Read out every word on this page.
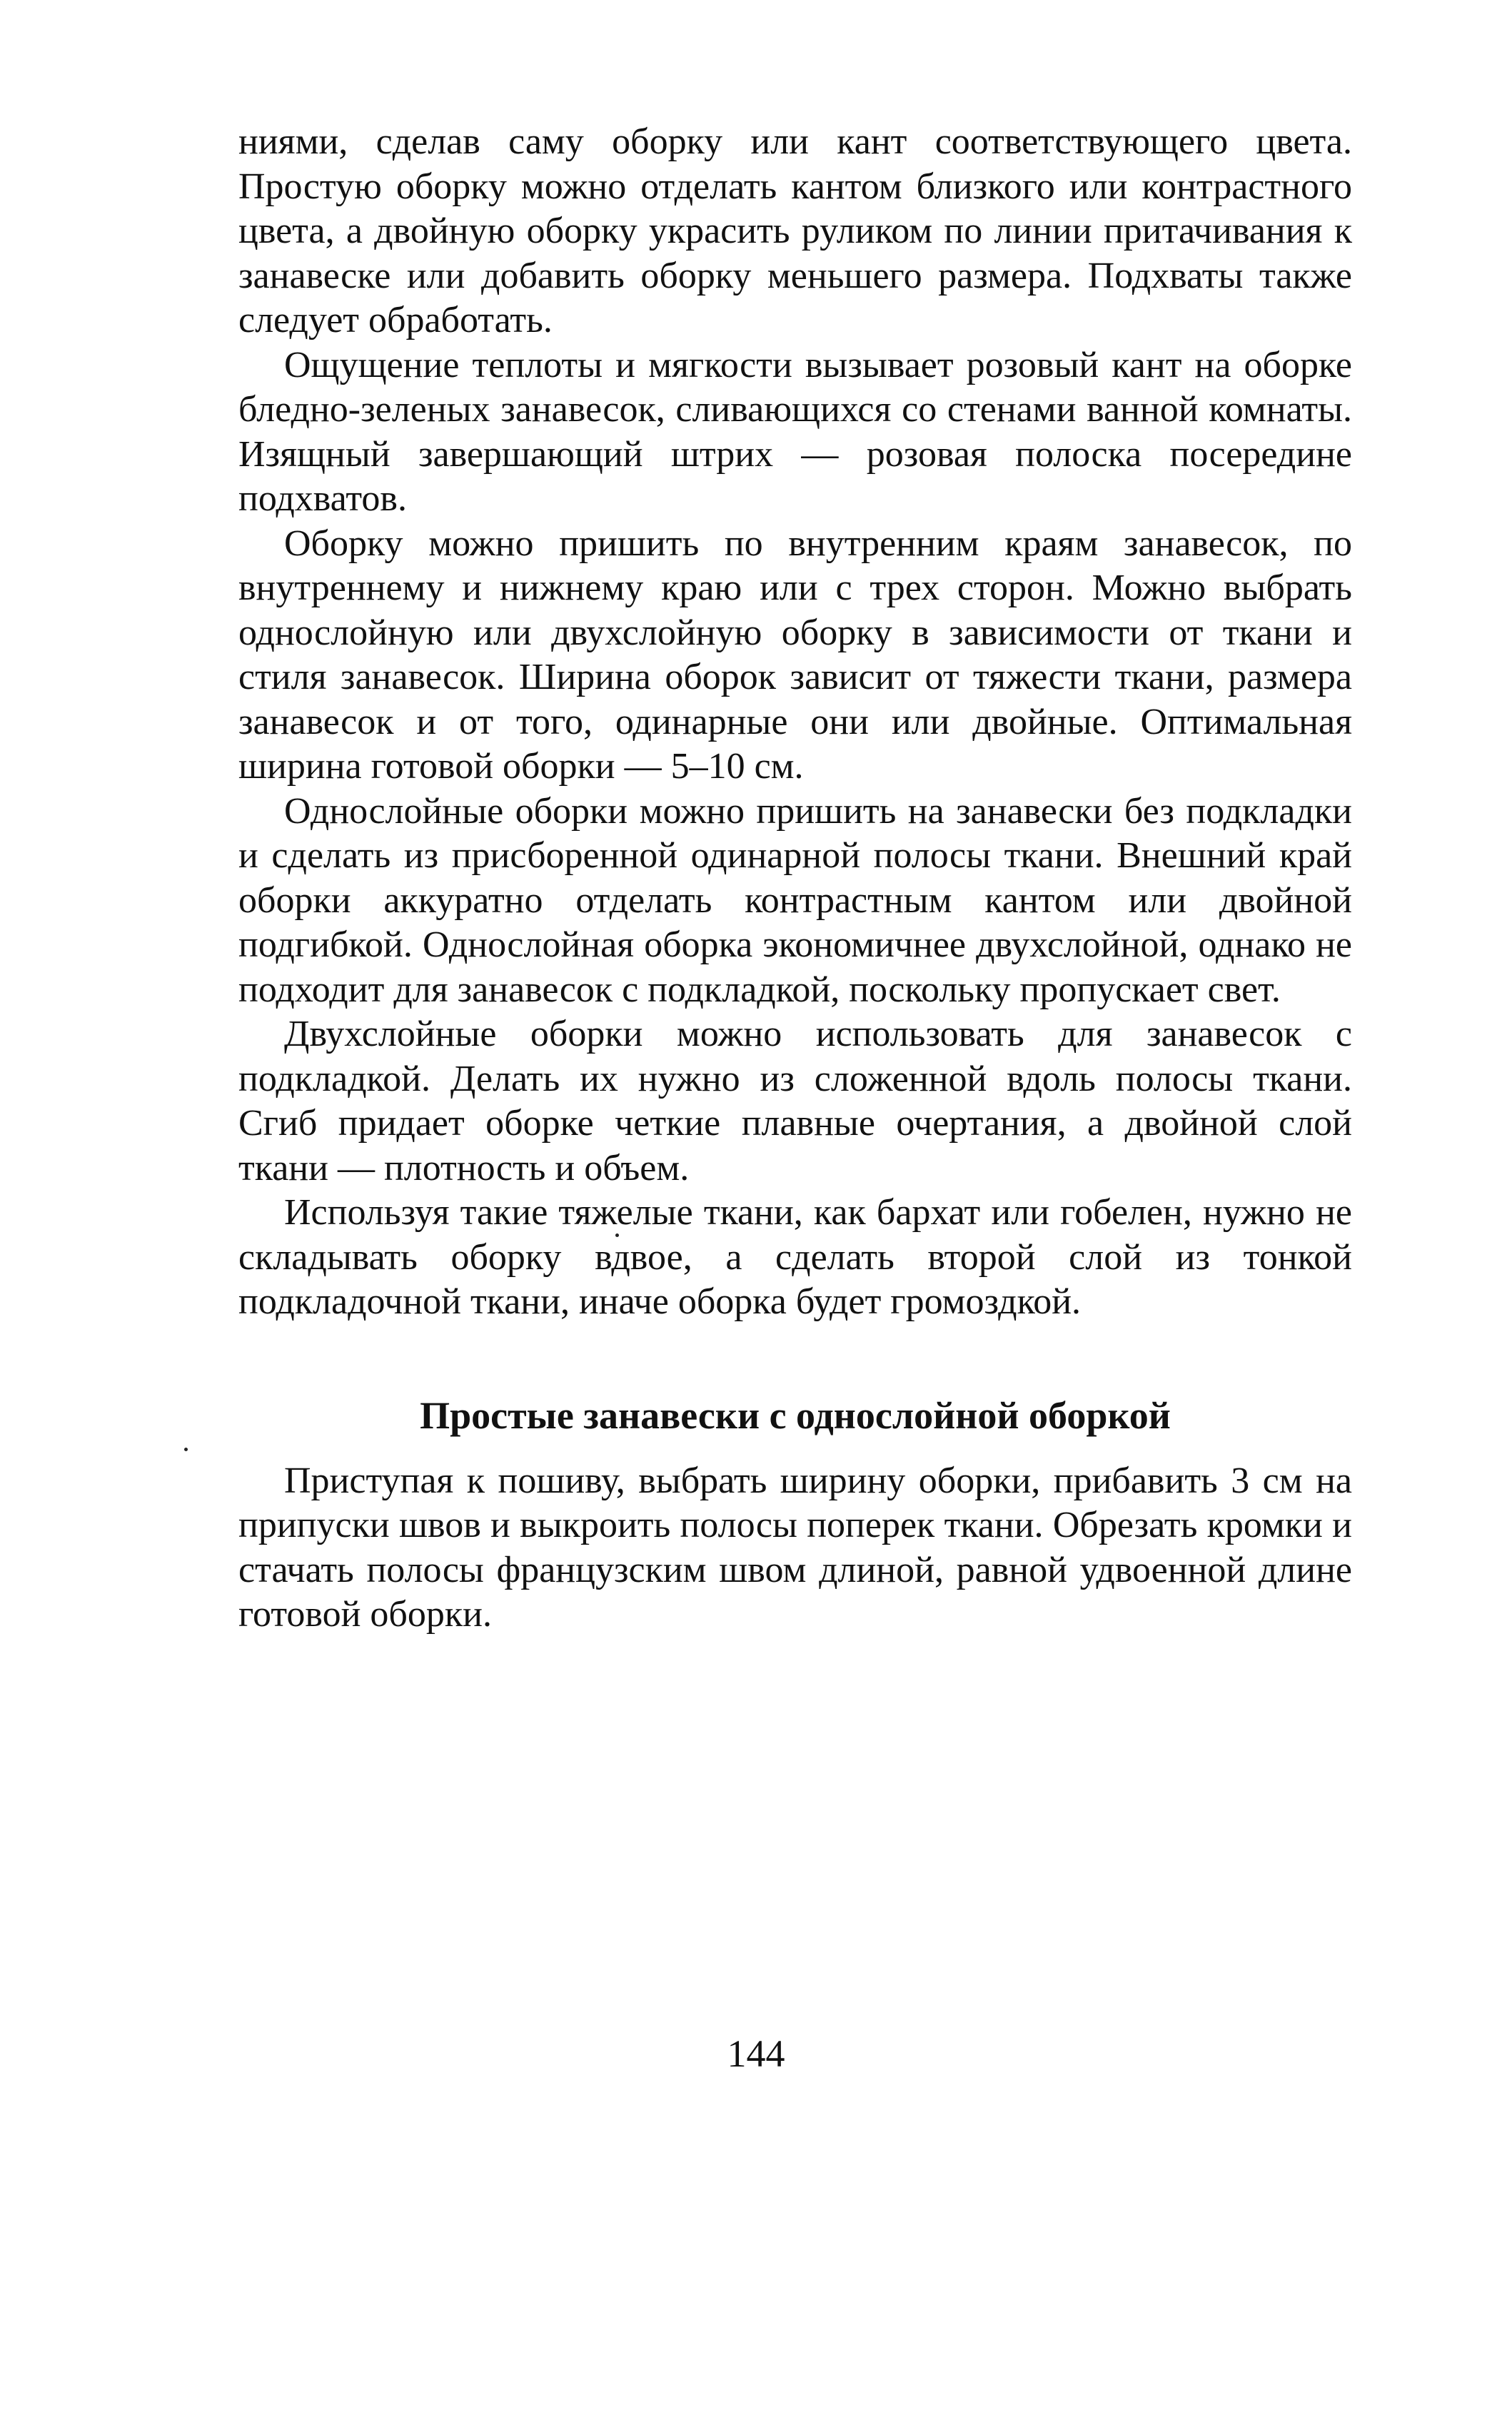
ниями, сделав саму оборку или кант соответствующего цвета. Простую оборку можно отделать кантом близкого или контрастного цвета, а двойную оборку украсить руликом по линии притачивания к занавеске или добавить оборку меньшего размера. Подхваты также следует обработать.

Ощущение теплоты и мягкости вызывает розовый кант на оборке бледно-зеленых занавесок, сливающихся со стенами ванной комнаты. Изящный завершающий штрих — розовая полоска посередине подхватов.

Оборку можно пришить по внутренним краям занавесок, по внутреннему и нижнему краю или с трех сторон. Можно выбрать однослойную или двухслойную оборку в зависимости от ткани и стиля занавесок. Ширина оборок зависит от тяжести ткани, размера занавесок и от того, одинарные они или двойные. Оптимальная ширина готовой оборки — 5–10 см.

Однослойные оборки можно пришить на занавески без подкладки и сделать из присборенной одинарной полосы ткани. Внешний край оборки аккуратно отделать контрастным кантом или двойной подгибкой. Однослойная оборка экономичнее двухслойной, однако не подходит для занавесок с подкладкой, поскольку пропускает свет.

Двухслойные оборки можно использовать для занавесок с подкладкой. Делать их нужно из сложенной вдоль полосы ткани. Сгиб придает оборке четкие плавные очертания, а двойной слой ткани — плотность и объем.

Используя такие тяжелые ткани, как бархат или гобелен, нужно не складывать оборку вдвое, а сделать второй слой из тонкой подкладочной ткани, иначе оборка будет громоздкой.

Простые занавески с однослойной оборкой

Приступая к пошиву, выбрать ширину оборки, прибавить 3 см на припуски швов и выкроить полосы поперек ткани. Обрезать кромки и стачать полосы французским швом длиной, равной удвоенной длине готовой оборки.

144
